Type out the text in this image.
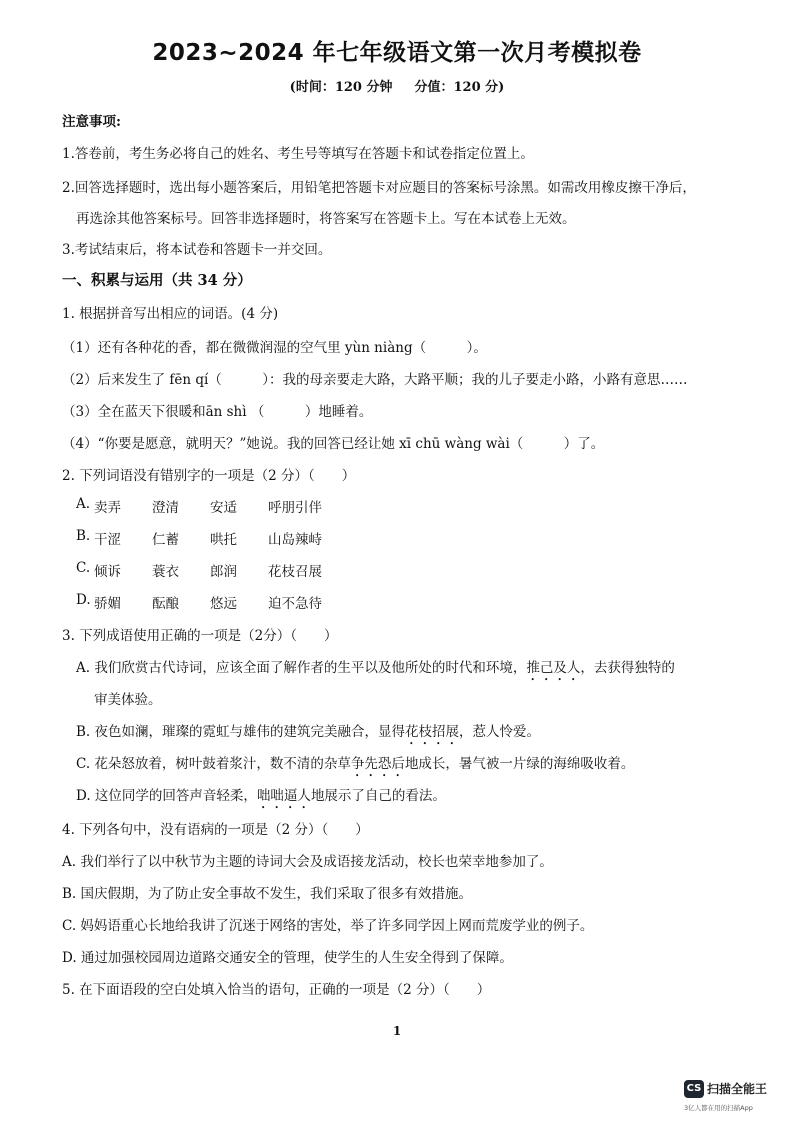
2023~2024 年七年级语文第一次月考模拟卷
(时间：120 分钟 分值：120 分)
注意事项:
1.答卷前，考生务必将自己的姓名、考生号等填写在答题卡和试卷指定位置上。
2.回答选择题时，选出每小题答案后，用铅笔把答题卡对应题目的答案标号涂黑。如需改用橡皮擦干净后，
再选涂其他答案标号。回答非选择题时，将答案写在答题卡上。写在本试卷上无效。
3.考试结束后，将本试卷和答题卡一并交回。
一、积累与运用（共 34 分）
1. 根据拼音写出相应的词语。(4 分)
（1）还有各种花的香，都在微微润湿的空气里 yùn niàng（　　　）。
（2）后来发生了 fēn qí（　　　）：我的母亲要走大路，大路平顺；我的儿子要走小路，小路有意思……
（3）全在蓝天下很暖和ān shì （　　　）地睡着。
（4）“你要是愿意，就明天？”她说。我的回答已经让她 xī chū wàng wài（　　　）了。
2. 下列词语没有错别字的一项是（2 分）（　　）
A. 卖弄 澄清 安适 呼朋引伴
B. 干涩 仁蓄 哄托 山岛辣峙
C. 倾诉 蓑衣 郎润 花枝召展
D. 骄媚 酝酿 悠远 迫不急待
3. 下列成语使用正确的一项是（2分）（　　）
A. 我们欣赏古代诗词，应该全面了解作者的生平以及他所处的时代和环境，推己及人，去获得独特的
审美体验。
B. 夜色如澜，璀璨的霓虹与雄伟的建筑完美融合，显得花枝招展，惹人怜爱。
C. 花朵怒放着，树叶鼓着浆汁，数不清的杂草争先恐后地成长，暑气被一片绿的海绵吸收着。
D. 这位同学的回答声音轻柔，咄咄逼人地展示了自己的看法。
4. 下列各句中，没有语病的一项是（2 分）（　　）
A. 我们举行了以中秋节为主题的诗词大会及成语接龙活动，校长也荣幸地参加了。
B. 国庆假期，为了防止安全事故不发生，我们采取了很多有效措施。
C. 妈妈语重心长地给我讲了沉迷于网络的害处，举了许多同学因上网而荒废学业的例子。
D. 通过加强校园周边道路交通安全的管理，使学生的人生安全得到了保障。
5. 在下面语段的空白处填入恰当的语句，正确的一项是（2 分）（　　）
1
CS 扫描全能王
3亿人都在用的扫描App
